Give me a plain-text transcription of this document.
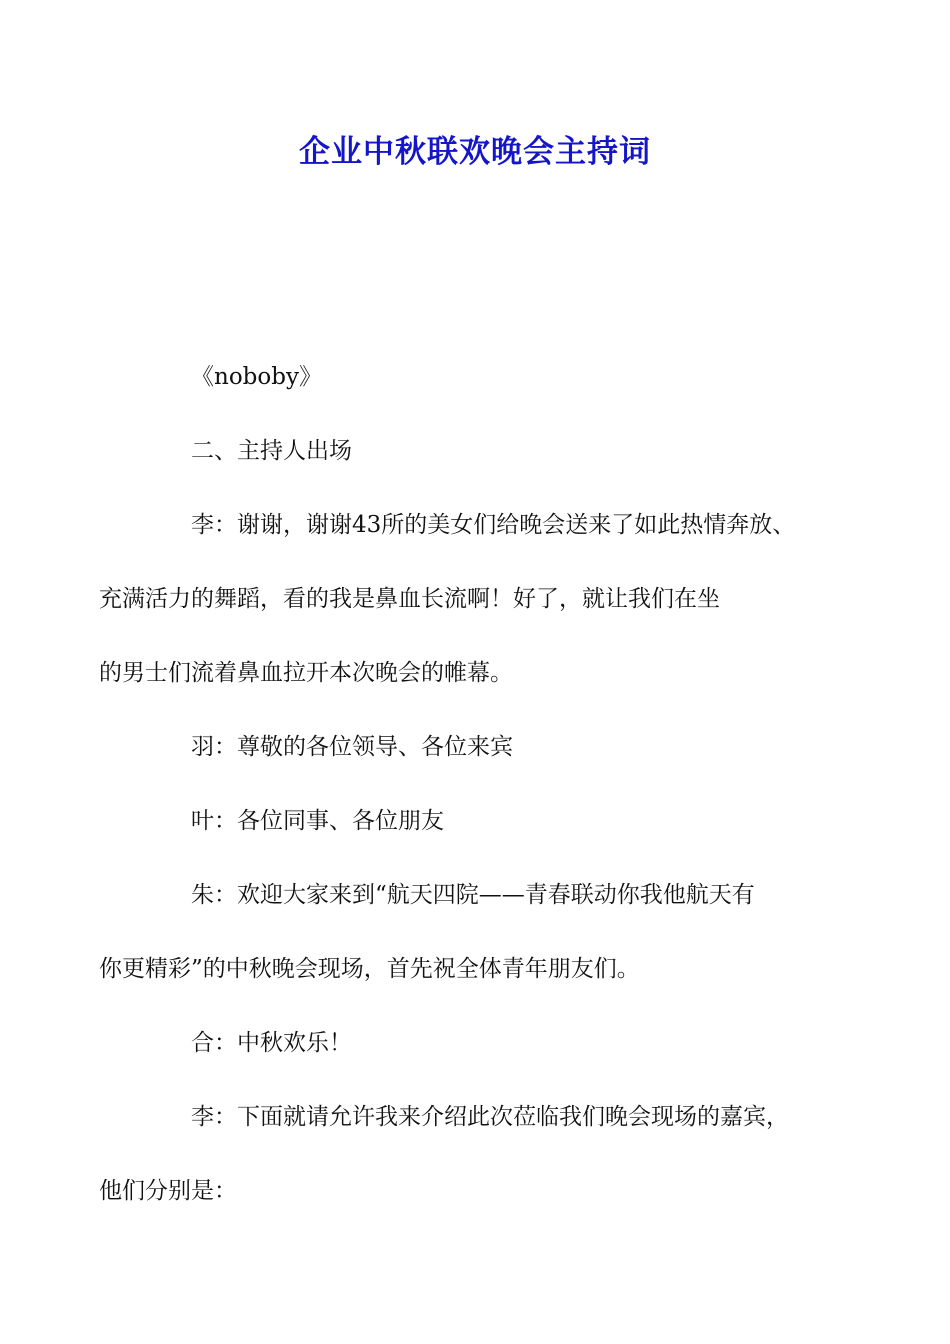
企业中秋联欢晚会主持词

《noboby》

二、主持人出场

李：谢谢，谢谢43所的美女们给晚会送来了如此热情奔放、
充满活力的舞蹈，看的我是鼻血长流啊！好了，就让我们在坐
的男士们流着鼻血拉开本次晚会的帷幕。

羽：尊敬的各位领导、各位来宾

叶：各位同事、各位朋友

朱：欢迎大家来到“航天四院——青春联动你我他航天有
你更精彩”的中秋晚会现场，首先祝全体青年朋友们。

合：中秋欢乐！

李：下面就请允许我来介绍此次莅临我们晚会现场的嘉宾，
他们分别是：
